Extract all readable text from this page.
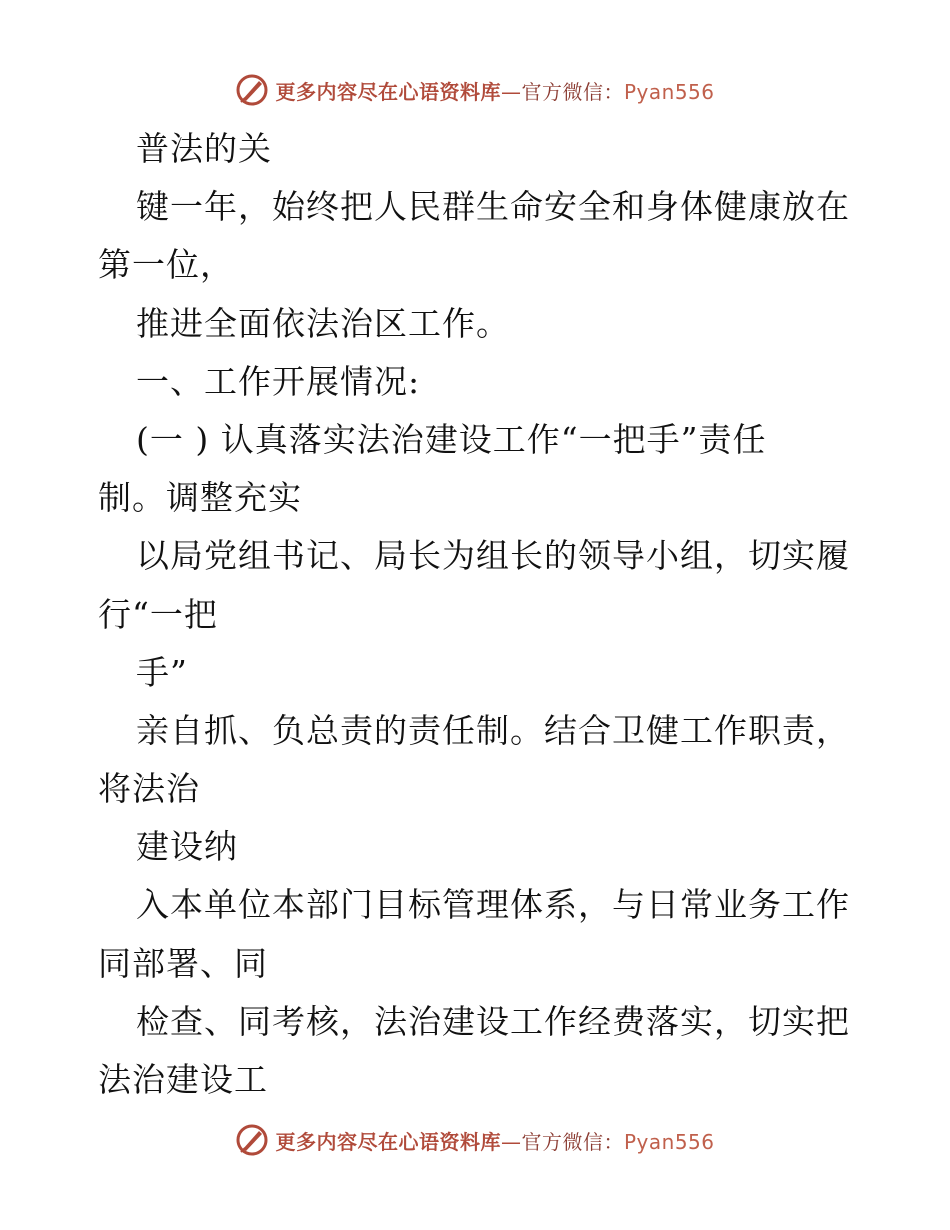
更多内容尽在心语资料库—官方微信：Pyan556
普法的关
键一年，始终把人民群生命安全和身体健康放在
第一位，
推进全面依法治区工作。
一、工作开展情况:
(一 ) 认真落实法治建设工作“一把手”责任
制。调整充实
以局党组书记、局长为组长的领导小组，切实履
行“一把
手”
亲自抓、负总责的责任制。结合卫健工作职责，
将法治
建设纳
入本单位本部门目标管理体系，与日常业务工作
同部署、同
检查、同考核，法治建设工作经费落实，切实把
法治建设工
更多内容尽在心语资料库—官方微信：Pyan556
